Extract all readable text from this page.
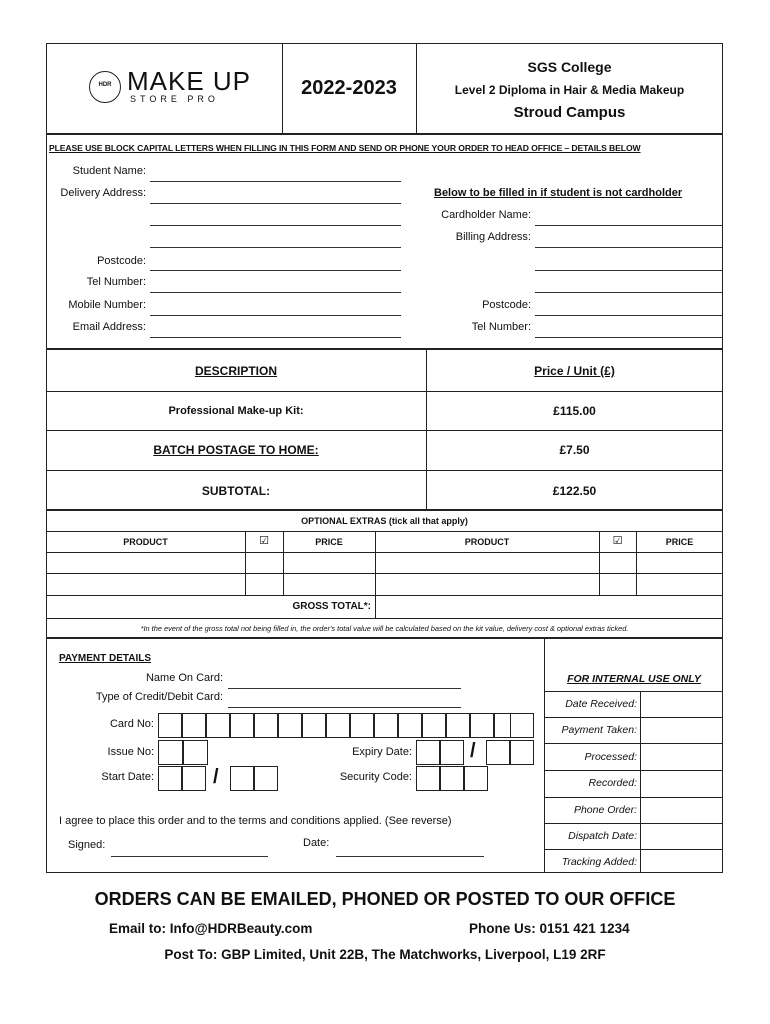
HDR MAKE UP
STORE PRO	2022-2023
SGS College
Level 2 Diploma in Hair & Media Makeup
Stroud Campus
PLEASE USE BLOCK CAPITAL LETTERS WHEN FILLING IN THIS FORM AND SEND OR PHONE YOUR ORDER TO HEAD OFFICE – DETAILS BELOW
Student Name:
Delivery Address:
Postcode:
Tel Number:
Mobile Number:
Email Address:
Below to be filled in if student is not cardholder
Cardholder Name:
Billing Address:
Postcode:
Tel Number:
DESCRIPTION	Price / Unit (£)
Professional Make-up Kit:	£115.00
BATCH POSTAGE TO HOME:	£7.50
SUBTOTAL:	£122.50
OPTIONAL EXTRAS (tick all that apply)
PRODUCT	☑	PRICE	PRODUCT	☑	PRICE
GROSS TOTAL*:
*In the event of the gross total not being filled in, the order's total value will be calculated based on the kit value, delivery cost & optional extras ticked.
PAYMENT DETAILS
Name On Card:
Type of Credit/Debit Card:
Card No:
Issue No:	Expiry Date:	/
Start Date:	/	Security Code:
I agree to place this order and to the terms and conditions applied. (See reverse)
Signed:	Date:
FOR INTERNAL USE ONLY
Date Received:
Payment Taken:
Processed:
Recorded:
Phone Order:
Dispatch Date:
Tracking Added:
ORDERS CAN BE EMAILED, PHONED OR POSTED TO OUR OFFICE
Email to: Info@HDRBeauty.com	Phone Us: 0151 421 1234
Post To: GBP Limited, Unit 22B, The Matchworks, Liverpool, L19 2RF
